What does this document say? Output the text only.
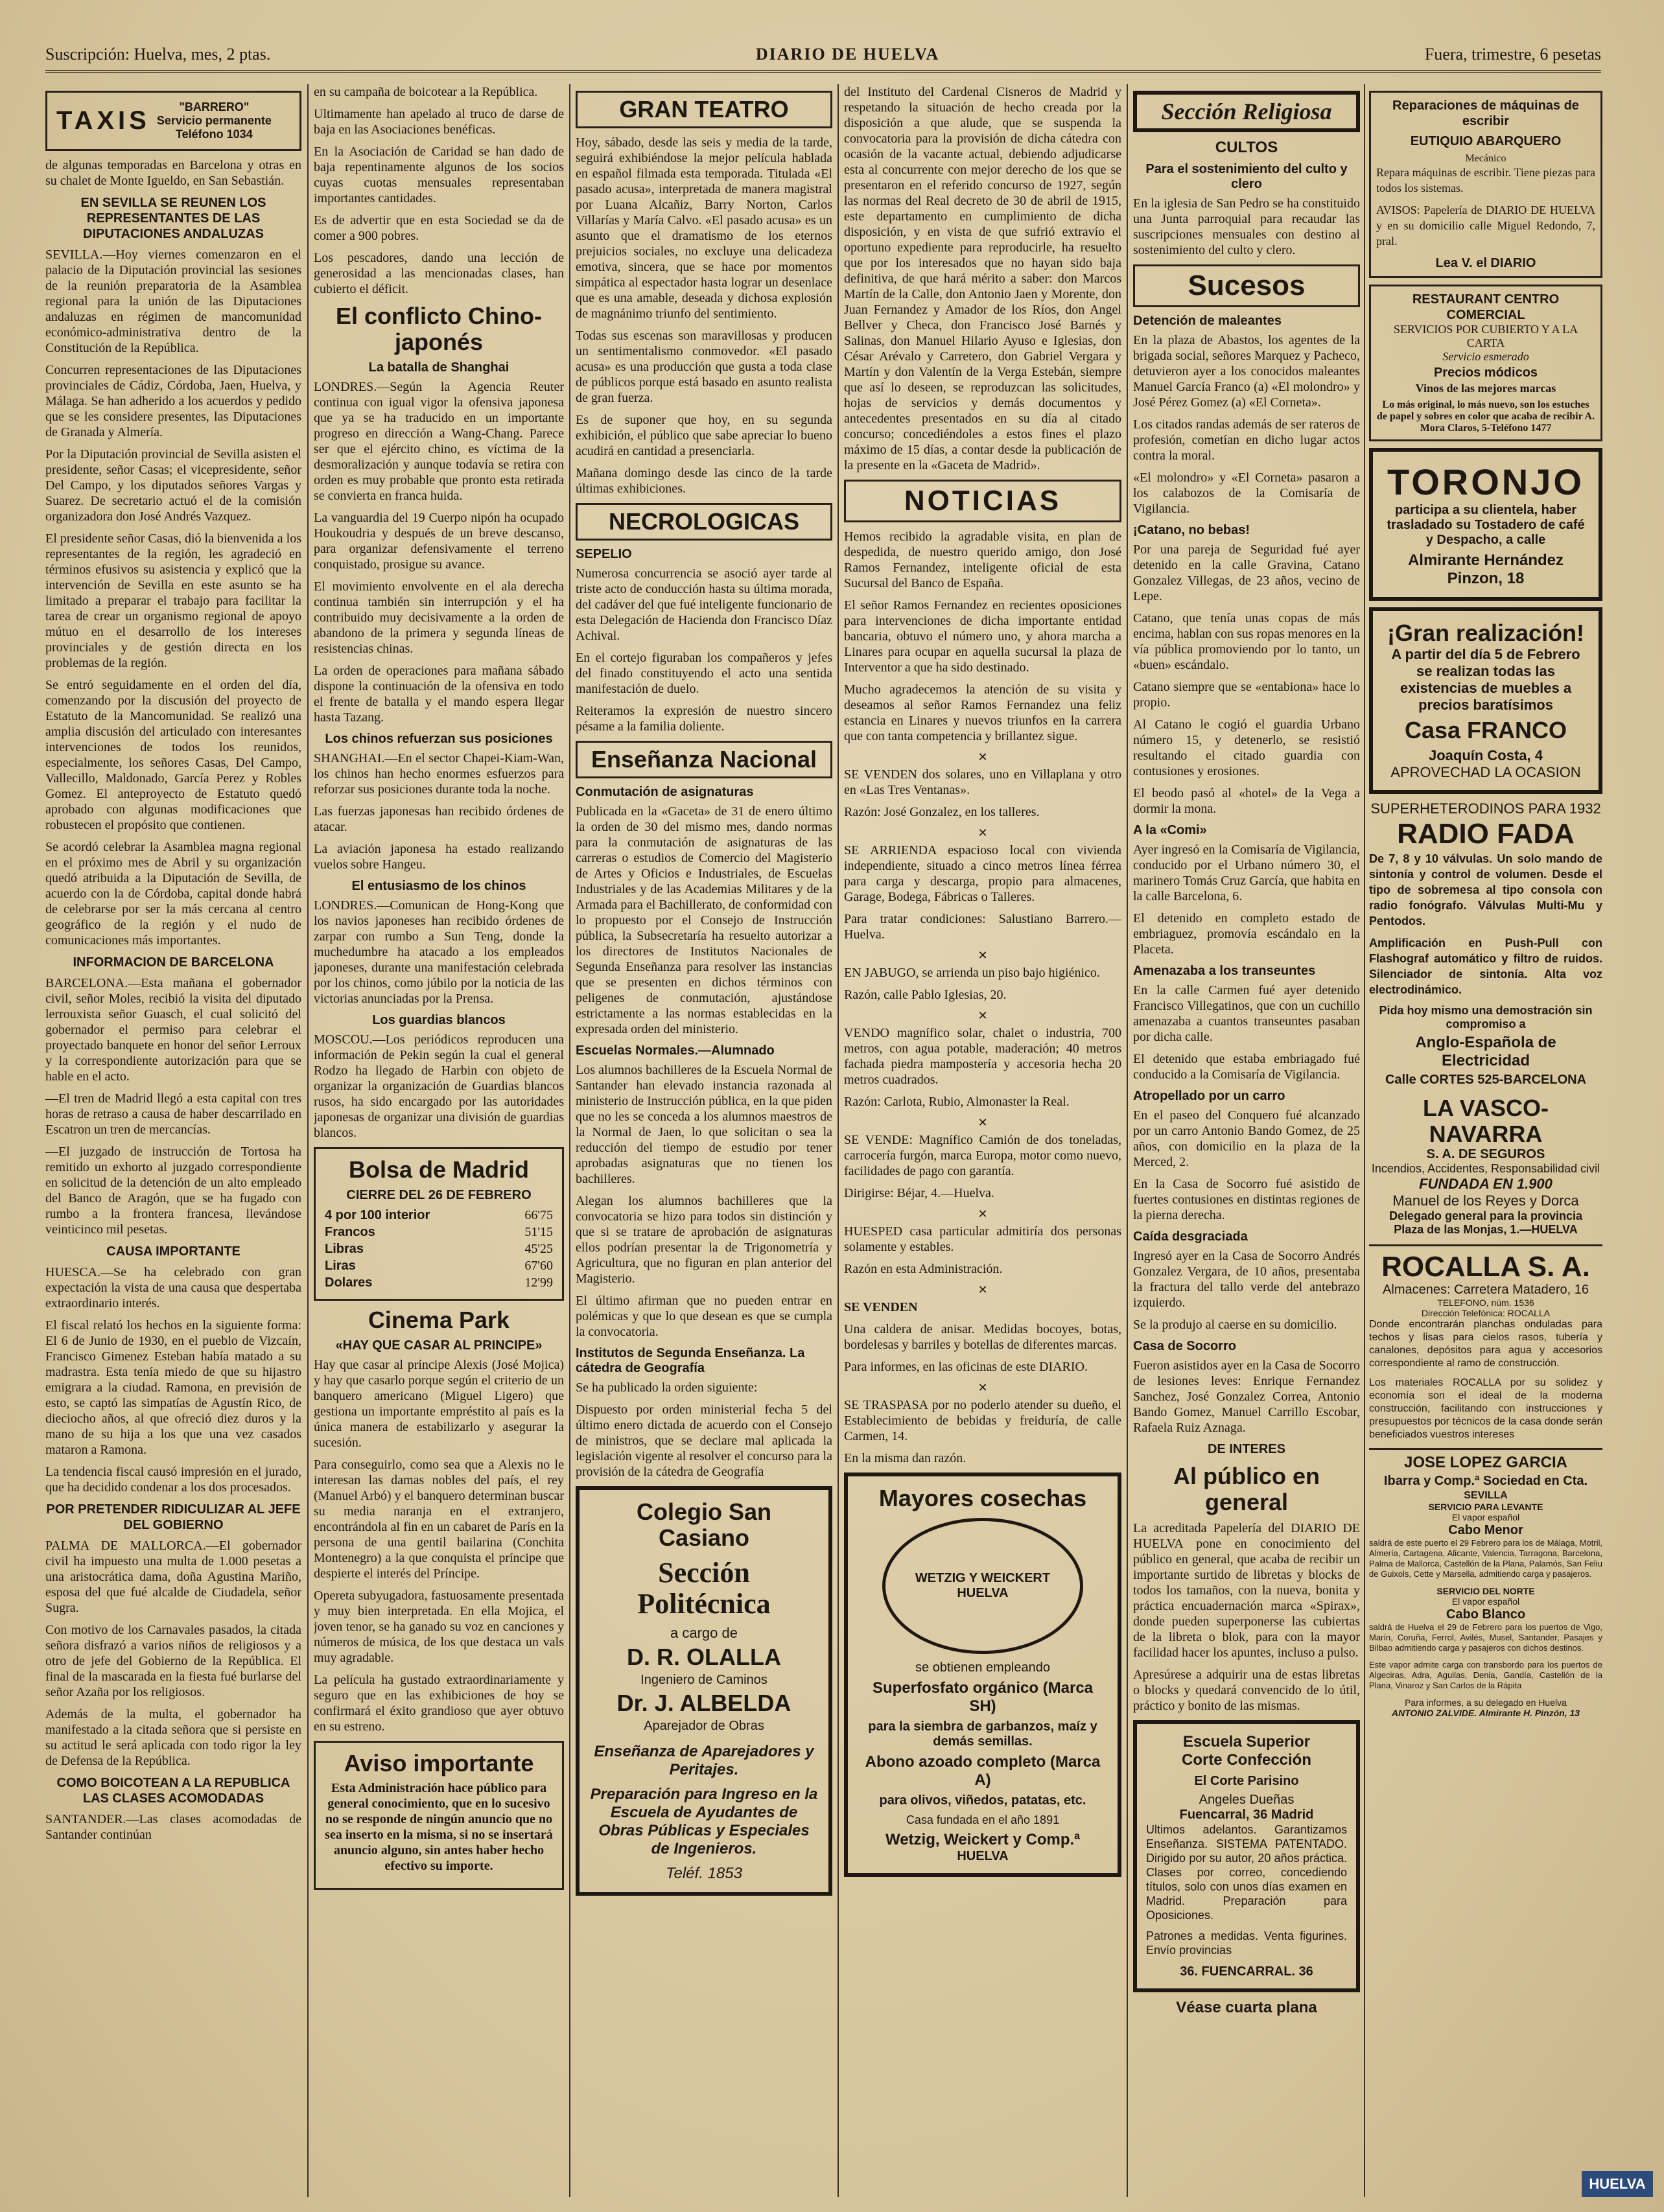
Suscripción: Huelva, mes, 2 ptas.	DIARIO DE HUELVA	Fuera, trimestre, 6 pesetas
TAXIS	"BARRERO"
Servicio permanente
Teléfono 1034

de algunas temporadas en Barcelona y otras en su chalet de Monte Igueldo, en San Sebastián.

EN SEVILLA SE REUNEN LOS REPRESENTANTES DE LAS DIPUTACIONES ANDALUZAS

SEVILLA.—Hoy viernes comenzaron en el palacio de la Diputación provincial las sesiones de la reunión preparatoria de la Asamblea regional para la unión de las Diputaciones andaluzas en régimen de mancomunidad económico-administrativa dentro de la Constitución de la República.

Concurren representaciones de las Diputaciones provinciales de Cádiz, Córdoba, Jaen, Huelva, y Málaga. Se han adherido a los acuerdos y pedido que se les considere presentes, las Diputaciones de Granada y Almería.

Por la Diputación provincial de Sevilla asisten el presidente, señor Casas; el vicepresidente, señor Del Campo, y los diputados señores Vargas y Suarez. De secretario actuó el de la comisión organizadora don José Andrés Vazquez.

El presidente señor Casas, dió la bienvenida a los representantes de la región, les agradeció en términos efusivos su asistencia y explicó que la intervención de Sevilla en este asunto se ha limitado a preparar el trabajo para facilitar la tarea de crear un organismo regional de apoyo mútuo en el desarrollo de los intereses provinciales y de gestión directa en los problemas de la región.

Se entró seguidamente en el orden del día, comenzando por la discusión del proyecto de Estatuto de la Mancomunidad. Se realizó una amplia discusión del articulado con interesantes intervenciones de todos los reunidos, especialmente, los señores Casas, Del Campo, Vallecillo, Maldonado, García Perez y Robles Gomez. El anteproyecto de Estatuto quedó aprobado con algunas modificaciones que robustecen el propósito que contienen.

Se acordó celebrar la Asamblea magna regional en el próximo mes de Abril y su organización quedó atribuida a la Diputación de Sevilla, de acuerdo con la de Córdoba, capital donde habrá de celebrarse por ser la más cercana al centro geográfico de la región y el nudo de comunicaciones más importantes.

INFORMACION DE BARCELONA

BARCELONA.—Esta mañana el gobernador civil, señor Moles, recibió la visita del diputado lerrouxista señor Guasch, el cual solicitó del gobernador el permiso para celebrar el proyectado banquete en honor del señor Lerroux y la correspondiente autorización para que se hable en el acto.

—El tren de Madrid llegó a esta capital con tres horas de retraso a causa de haber descarrilado en Escatron un tren de mercancías.

—El juzgado de instrucción de Tortosa ha remitido un exhorto al juzgado correspondiente en solicitud de la detención de un alto empleado del Banco de Aragón, que se ha fugado con rumbo a la frontera francesa, llevándose veinticinco mil pesetas.

CAUSA IMPORTANTE

HUESCA.—Se ha celebrado con gran expectación la vista de una causa que despertaba extraordinario interés.

El fiscal relató los hechos en la siguiente forma: El 6 de Junio de 1930, en el pueblo de Vizcaín, Francisco Gimenez Esteban había matado a su madrastra. Esta tenía miedo de que su hijastro emigrara a la ciudad. Ramona, en previsión de esto, se captó las simpatías de Agustín Rico, de dieciocho años, al que ofreció diez duros y la mano de su hija a los que una vez casados mataron a Ramona.

La tendencia fiscal causó impresión en el jurado, que ha decidido condenar a los dos procesados.

POR PRETENDER RIDICULIZAR AL JEFE DEL GOBIERNO

PALMA DE MALLORCA.—El gobernador civil ha impuesto una multa de 1.000 pesetas a una aristocrática dama, doña Agustina Mariño, esposa del que fué alcalde de Ciudadela, señor Sugra.

Con motivo de los Carnavales pasados, la citada señora disfrazó a varios niños de religiosos y a otro de jefe del Gobierno de la República. El final de la mascarada en la fiesta fué burlarse del señor Azaña por los religiosos.

Además de la multa, el gobernador ha manifestado a la citada señora que si persiste en su actitud le será aplicada con todo rigor la ley de Defensa de la República.

COMO BOICOTEAN A LA REPUBLICA LAS CLASES ACOMODADAS

SANTANDER.—Las clases acomodadas de Santander continúan

en su campaña de boicotear a la República.

Ultimamente han apelado al truco de darse de baja en las Asociaciones benéficas.

En la Asociación de Caridad se han dado de baja repentinamente algunos de los socios cuyas cuotas mensuales representaban importantes cantidades.

Es de advertir que en esta Sociedad se da de comer a 900 pobres.

Los pescadores, dando una lección de generosidad a las mencionadas clases, han cubierto el déficit.

El conflicto Chino-japonés
La batalla de Shanghai

LONDRES.—Según la Agencia Reuter continua con igual vigor la ofensiva japonesa que ya se ha traducido en un importante progreso en dirección a Wang-Chang. Parece ser que el ejército chino, es víctima de la desmoralización y aunque todavía se retira con orden es muy probable que pronto esta retirada se convierta en franca huida.

La vanguardia del 19 Cuerpo nipón ha ocupado Houkoudria y después de un breve descanso, para organizar defensivamente el terreno conquistado, prosigue su avance.

El movimiento envolvente en el ala derecha continua también sin interrupción y el ha contribuido muy decisivamente a la orden de abandono de la primera y segunda líneas de resistencias chinas.

La orden de operaciones para mañana sábado dispone la continuación de la ofensiva en todo el frente de batalla y el mando espera llegar hasta Tazang.

Los chinos refuerzan sus posiciones

SHANGHAI.—En el sector Chapei-Kiam-Wan, los chinos han hecho enormes esfuerzos para reforzar sus posiciones durante toda la noche.

Las fuerzas japonesas han recibido órdenes de atacar.

La aviación japonesa ha estado realizando vuelos sobre Hangeu.

El entusiasmo de los chinos

LONDRES.—Comunican de Hong-Kong que los navios japoneses han recibido órdenes de zarpar con rumbo a Sun Teng, donde la muchedumbre ha atacado a los empleados japoneses, durante una manifestación celebrada por los chinos, como júbilo por la noticia de las victorias anunciadas por la Prensa.

Los guardias blancos

MOSCOU.—Los periódicos reproducen una información de Pekin según la cual el general Rodzo ha llegado de Harbin con objeto de organizar la organización de Guardias blancos rusos, ha sido encargado por las autoridades japonesas de organizar una división de guardias blancos.

Bolsa de Madrid
CIERRE DEL 26 DE FEBRERO
4 por 100 interior	66'75
Francos	51'15
Libras	45'25
Liras	67'60
Dolares	12'99
Cinema Park
«HAY QUE CASAR AL PRINCIPE»

Hay que casar al príncipe Alexis (José Mojica) y hay que casarlo porque según el criterio de un banquero americano (Miguel Ligero) que gestiona un importante empréstito al país es la única manera de estabilizarlo y asegurar la sucesión.

Para conseguirlo, como sea que a Alexis no le interesan las damas nobles del país, el rey (Manuel Arbó) y el banquero determinan buscar su media naranja en el extranjero, encontrándola al fin en un cabaret de París en la persona de una gentil bailarina (Conchita Montenegro) a la que conquista el príncipe que despierte el interés del Príncipe.

Opereta subyugadora, fastuosamente presentada y muy bien interpretada. En ella Mojica, el joven tenor, se ha ganado su voz en canciones y números de música, de los que destaca un vals muy agradable.

La película ha gustado extraordinariamente y seguro que en las exhibiciones de hoy se confirmará el éxito grandioso que ayer obtuvo en su estreno.

Aviso importante

Esta Administración hace público para general conocimiento, que en lo sucesivo no se responde de ningún anuncio que no sea inserto en la misma, si no se insertará anuncio alguno, sin antes haber hecho efectivo su importe.

GRAN TEATRO

Hoy, sábado, desde las seis y media de la tarde, seguirá exhibiéndose la mejor película hablada en español filmada esta temporada. Titulada «El pasado acusa», interpretada de manera magistral por Luana Alcañiz, Barry Norton, Carlos Villarías y María Calvo. «El pasado acusa» es un asunto que el dramatismo de los eternos prejuicios sociales, no excluye una delicadeza emotiva, sincera, que se hace por momentos simpática al espectador hasta lograr un desenlace que es una amable, deseada y dichosa explosión de magnánimo triunfo del sentimiento.

Todas sus escenas son maravillosas y producen un sentimentalismo conmovedor. «El pasado acusa» es una producción que gusta a toda clase de públicos porque está basado en asunto realista de gran fuerza.

Es de suponer que hoy, en su segunda exhibición, el público que sabe apreciar lo bueno acudirá en cantidad a presenciarla.

Mañana domingo desde las cinco de la tarde últimas exhibiciones.

NECROLOGICAS
SEPELIO

Numerosa concurrencia se asoció ayer tarde al triste acto de conducción hasta su última morada, del cadáver del que fué inteligente funcionario de esta Delegación de Hacienda don Francisco Díaz Achival.

En el cortejo figuraban los compañeros y jefes del finado constituyendo el acto una sentida manifestación de duelo.

Reiteramos la expresión de nuestro sincero pésame a la familia doliente.

Enseñanza Nacional
Conmutación de asignaturas

Publicada en la «Gaceta» de 31 de enero último la orden de 30 del mismo mes, dando normas para la conmutación de asignaturas de las carreras o estudios de Comercio del Magisterio de Artes y Oficios e Industriales, de Escuelas Industriales y de las Academias Militares y de la Armada para el Bachillerato, de conformidad con lo propuesto por el Consejo de Instrucción pública, la Subsecretaría ha resuelto autorizar a los directores de Institutos Nacionales de Segunda Enseñanza para resolver las instancias que se presenten en dichos términos con peligenes de conmutación, ajustándose estrictamente a las normas establecidas en la expresada orden del ministerio.

Escuelas Normales.—Alumnado

Los alumnos bachilleres de la Escuela Normal de Santander han elevado instancia razonada al ministerio de Instrucción pública, en la que piden que no les se conceda a los alumnos maestros de la Normal de Jaen, lo que solicitan o sea la reducción del tiempo de estudio por tener aprobadas asignaturas que no tienen los bachilleres.

Alegan los alumnos bachilleres que la convocatoria se hizo para todos sin distinción y que si se tratare de aprobación de asignaturas ellos podrían presentar la de Trigonometría y Agricultura, que no figuran en plan anterior del Magisterio.

El último afirman que no pueden entrar en polémicas y que lo que desean es que se cumpla la convocatoria.

Institutos de Segunda Enseñanza. La cátedra de Geografía

Se ha publicado la orden siguiente:

Dispuesto por orden ministerial fecha 5 del último enero dictada de acuerdo con el Consejo de ministros, que se declare mal aplicada la legislación vigente al resolver el concurso para la provisión de la cátedra de Geografía

Colegio San Casiano
Sección Politécnica
a cargo de
D. R. OLALLA
Ingeniero de Caminos
Dr. J. ALBELDA
Aparejador de Obras
Enseñanza de Aparejadores y Peritajes.
Preparación para Ingreso en la Escuela de Ayudantes de Obras Públicas y Especiales de Ingenieros.
Teléf. 1853

del Instituto del Cardenal Cisneros de Madrid y respetando la situación de hecho creada por la disposición a que alude, que se suspenda la convocatoria para la provisión de dicha cátedra con ocasión de la vacante actual, debiendo adjudicarse esta al concurrente con mejor derecho de los que se presentaron en el referido concurso de 1927, según las normas del Real decreto de 30 de abril de 1915, este departamento en cumplimiento de dicha disposición, y en vista de que sufrió extravío el oportuno expediente para reproducirle, ha resuelto que por los interesados que no hayan sido baja definitiva, de que hará mérito a saber: don Marcos Martín de la Calle, don Antonio Jaen y Morente, don Juan Fernandez y Amador de los Ríos, don Angel Bellver y Checa, don Francisco José Barnés y Salinas, don Manuel Hilario Ayuso e Iglesias, don César Arévalo y Carretero, don Gabriel Vergara y Martín y don Valentín de la Verga Estebán, siempre que así lo deseen, se reproduzcan las solicitudes, hojas de servicios y demás documentos y antecedentes presentados en su día al citado concurso; concediéndoles a estos fines el plazo máximo de 15 días, a contar desde la publicación de la presente en la «Gaceta de Madrid».

NOTICIAS

Hemos recibido la agradable visita, en plan de despedida, de nuestro querido amigo, don José Ramos Fernandez, inteligente oficial de esta Sucursal del Banco de España.

El señor Ramos Fernandez en recientes oposiciones para intervenciones de dicha importante entidad bancaria, obtuvo el número uno, y ahora marcha a Linares para ocupar en aquella sucursal la plaza de Interventor a que ha sido destinado.

Mucho agradecemos la atención de su visita y deseamos al señor Ramos Fernandez una feliz estancia en Linares y nuevos triunfos en la carrera que con tanta competencia y brillantez sigue.

✕

SE VENDEN dos solares, uno en Villaplana y otro en «Las Tres Ventanas».

Razón: José Gonzalez, en los talleres.

✕

SE ARRIENDA espacioso local con vivienda independiente, situado a cinco metros línea férrea para carga y descarga, propio para almacenes, Garage, Bodega, Fábricas o Talleres.

Para tratar condiciones: Salustiano Barrero.—Huelva.

✕

EN JABUGO, se arrienda un piso bajo higiénico.

Razón, calle Pablo Iglesias, 20.

✕

VENDO magnífico solar, chalet o industria, 700 metros, con agua potable, maderación; 40 metros fachada piedra mampostería y accesoria hecha 20 metros cuadrados.

Razón: Carlota, Rubio, Almonaster la Real.

✕

SE VENDE: Magnífico Camión de dos toneladas, carrocería furgón, marca Europa, motor como nuevo, facilidades de pago con garantía.

Dirigirse: Béjar, 4.—Huelva.

✕

HUESPED casa particular admitiría dos personas solamente y estables.

Razón en esta Administración.

✕

SE VENDEN

Una caldera de anisar. Medidas bocoyes, botas, bordelesas y barriles y botellas de diferentes marcas.

Para informes, en las oficinas de este DIARIO.

✕

SE TRASPASA por no poderlo atender su dueño, el Establecimiento de bebidas y freiduría, de calle Carmen, 14.

En la misma dan razón.

Mayores cosechas
WETZIG Y WEICKERT
HUELVA
se obtienen empleando
Superfosfato orgánico (Marca SH)
para la siembra de garbanzos, maíz y demás semillas.
Abono azoado completo (Marca A)
para olivos, viñedos, patatas, etc.
Casa fundada en el año 1891
Wetzig, Weickert y Comp.ª
HUELVA
Sección Religiosa
CULTOS
Para el sostenimiento del culto y clero

En la iglesia de San Pedro se ha constituido una Junta parroquial para recaudar las suscripciones mensuales con destino al sostenimiento del culto y clero.

Sucesos
Detención de maleantes

En la plaza de Abastos, los agentes de la brigada social, señores Marquez y Pacheco, detuvieron ayer a los conocidos maleantes Manuel García Franco (a) «El molondro» y José Pérez Gomez (a) «El Corneta».

Los citados randas además de ser rateros de profesión, cometían en dicho lugar actos contra la moral.

«El molondro» y «El Corneta» pasaron a los calabozos de la Comisaría de Vigilancia.

¡Catano, no bebas!

Por una pareja de Seguridad fué ayer detenido en la calle Gravina, Catano Gonzalez Villegas, de 23 años, vecino de Lepe.

Catano, que tenía unas copas de más encima, hablan con sus ropas menores en la vía pública promoviendo por lo tanto, un «buen» escándalo.

Catano siempre que se «entabiona» hace lo propio.

Al Catano le cogió el guardia Urbano número 15, y detenerlo, se resistió resultando el citado guardia con contusiones y erosiones.

El beodo pasó al «hotel» de la Vega a dormir la mona.

A la «Comi»

Ayer ingresó en la Comisaría de Vigilancia, conducido por el Urbano número 30, el marinero Tomás Cruz García, que habita en la calle Barcelona, 6.

El detenido en completo estado de embriaguez, promovía escándalo en la Placeta.

Amenazaba a los transeuntes

En la calle Carmen fué ayer detenido Francisco Villegatinos, que con un cuchillo amenazaba a cuantos transeuntes pasaban por dicha calle.

El detenido que estaba embriagado fué conducido a la Comisaría de Vigilancia.

Atropellado por un carro

En el paseo del Conquero fué alcanzado por un carro Antonio Bando Gomez, de 25 años, con domicilio en la plaza de la Merced, 2.

En la Casa de Socorro fué asistido de fuertes contusiones en distintas regiones de la pierna derecha.

Caída desgraciada

Ingresó ayer en la Casa de Socorro Andrés Gonzalez Vergara, de 10 años, presentaba la fractura del tallo verde del antebrazo izquierdo.

Se la produjo al caerse en su domicilio.

Casa de Socorro

Fueron asistidos ayer en la Casa de Socorro de lesiones leves: Enrique Fernandez Sanchez, José Gonzalez Correa, Antonio Bando Gomez, Manuel Carrillo Escobar, Rafaela Ruiz Aznaga.

DE INTERES
Al público en general

La acreditada Papelería del DIARIO DE HUELVA pone en conocimiento del público en general, que acaba de recibir un importante surtido de libretas y blocks de todos los tamaños, con la nueva, bonita y práctica encuadernación marca «Spirax», donde pueden superponerse las cubiertas de la libreta o blok, para con la mayor facilidad hacer los apuntes, incluso a pulso.

Apresúrese a adquirir una de estas libretas o blocks y quedará convencido de lo útil, práctico y bonito de las mismas.

Escuela Superior
Corte Confección
El Corte Parisino
Angeles Dueñas
Fuencarral, 36 Madrid

Ultimos adelantos. Garantizamos Enseñanza. SISTEMA PATENTADO. Dirigido por su autor, 20 años práctica. Clases por correo, concediendo títulos, solo con unos días examen en Madrid. Preparación para Oposiciones.

Patrones a medidas. Venta figurines. Envío provincias

36. FUENCARRAL. 36
Véase cuarta plana
Reparaciones de máquinas de escribir
EUTIQUIO ABARQUERO
Mecánico

Repara máquinas de escribir. Tiene piezas para todos los sistemas.

AVISOS: Papelería de DIARIO DE HUELVA y en su domicilio calle Miguel Redondo, 7, pral.

Lea V. el DIARIO
RESTAURANT CENTRO COMERCIAL
SERVICIOS POR CUBIERTO Y A LA CARTA
Servicio esmerado
Precios módicos
Vinos de las mejores marcas
Lo más original, lo más nuevo, son los estuches de papel y sobres en color que acaba de recibir A. Mora Claros, 5-Teléfono 1477
TORONJO
participa a su clientela, haber trasladado su Tostadero de café y Despacho, a calle
Almirante Hernández Pinzon, 18
¡Gran realización!
A partir del día 5 de Febrero se realizan todas las existencias de muebles a precios baratísimos
Casa FRANCO
Joaquín Costa, 4
APROVECHAD LA OCASION
SUPERHETERODINOS PARA 1932
RADIO FADA

De 7, 8 y 10 válvulas. Un solo mando de sintonía y control de volumen. Desde el tipo de sobremesa al tipo consola con radio fonógrafo. Válvulas Multi-Mu y Pentodos.

Amplificación en Push-Pull con Flashograf automático y filtro de ruidos. Silenciador de sintonía. Alta voz electrodinámico.

Pida hoy mismo una demostración sin compromiso a
Anglo-Española de Electricidad
Calle CORTES 525-BARCELONA
LA VASCO-NAVARRA
S. A. DE SEGUROS
Incendios, Accidentes, Responsabilidad civil
FUNDADA EN 1.900
Manuel de los Reyes y Dorca
Delegado general para la provincia
Plaza de las Monjas, 1.—HUELVA
ROCALLA S. A.
Almacenes: Carretera Matadero, 16
TELEFONO, núm. 1536
Dirección Telefónica: ROCALLA

Donde encontrarán planchas onduladas para techos y lisas para cielos rasos, tubería y canalones, depósitos para agua y accesorios correspondiente al ramo de construcción.

Los materiales ROCALLA por su solidez y economía son el ideal de la moderna construcción, facilitando con instrucciones y presupuestos por técnicos de la casa donde serán beneficiados vuestros intereses

JOSE LOPEZ GARCIA
Ibarra y Comp.ª Sociedad en Cta.
SEVILLA
SERVICIO PARA LEVANTE
El vapor español
Cabo Menor

saldrá de este puerto el 29 Febrero para los de Málaga, Motril, Almería, Cartagena, Alicante, Valencia, Tarragona, Barcelona, Palma de Mallorca, Castellón de la Plana, Palamós, San Feliu de Guixols, Cette y Marsella, admitiendo carga y pasajeros.

SERVICIO DEL NORTE
El vapor español
Cabo Blanco

saldrá de Huelva el 29 de Febrero para los puertos de Vigo, Marín, Coruña, Ferrol, Avilés, Musel, Santander, Pasajes y Bilbao admitiendo carga y pasajeros con dichos destinos.

Este vapor admite carga con transbordo para los puertos de Algeciras, Adra, Aguilas, Denia, Gandía, Castellón de la Plana, Vinaroz y San Carlos de la Rápita

Para informes, a su delegado en Huelva
ANTONIO ZALVIDE. Almirante H. Pinzón, 13
HUELVA
